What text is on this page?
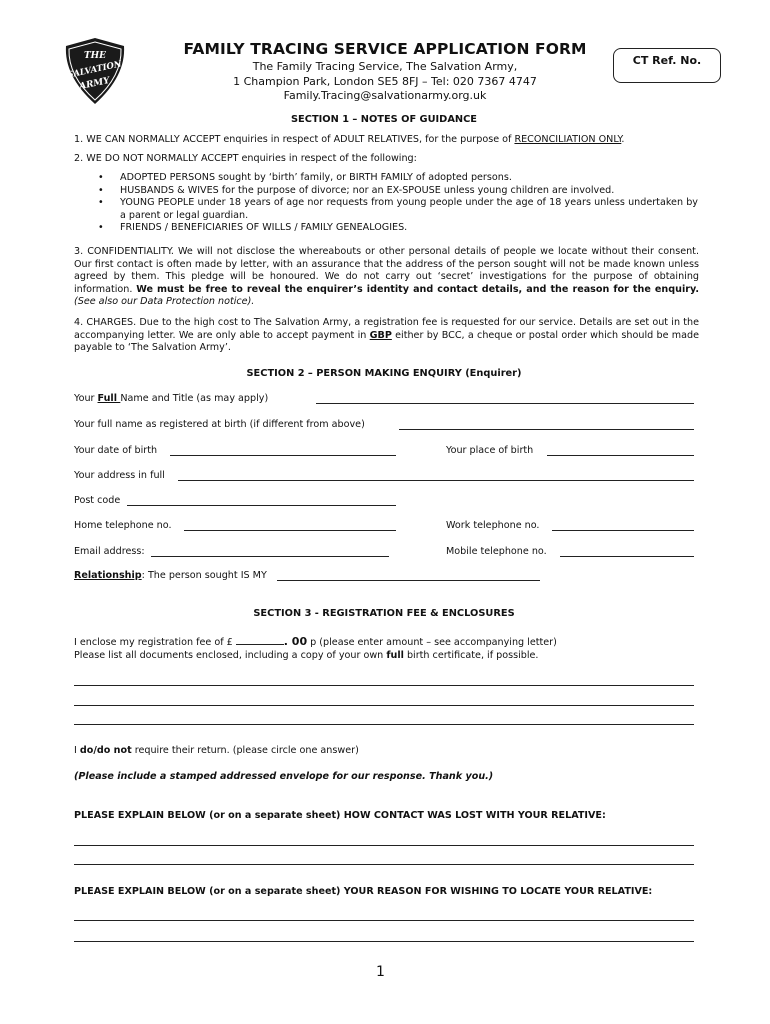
THE
SALVATION
ARMY
FAMILY TRACING SERVICE APPLICATION FORM
The Family Tracing Service, The Salvation Army,
1 Champion Park, London SE5 8FJ – Tel: 020 7367 4747
Family.Tracing@salvationarmy.org.uk
CT Ref. No.
SECTION 1 – NOTES OF GUIDANCE
1. WE CAN NORMALLY ACCEPT enquiries in respect of ADULT RELATIVES, for the purpose of RECONCILIATION ONLY.
2. WE DO NOT NORMALLY ACCEPT enquiries in respect of the following:
• ADOPTED PERSONS sought by ‘birth’ family, or BIRTH FAMILY of adopted persons.
• HUSBANDS & WIVES for the purpose of divorce; nor an EX-SPOUSE unless young children are involved.
• YOUNG PEOPLE under 18 years of age nor requests from young people under the age of 18 years unless undertaken by a parent or legal guardian.
• FRIENDS / BENEFICIARIES OF WILLS / FAMILY GENEALOGIES.
3. CONFIDENTIALITY. We will not disclose the whereabouts or other personal details of people we locate without their consent. Our first contact is often made by letter, with an assurance that the address of the person sought will not be made known unless agreed by them. This pledge will be honoured. We do not carry out ‘secret’ investigations for the purpose of obtaining information. We must be free to reveal the enquirer’s identity and contact details, and the reason for the enquiry. (See also our Data Protection notice).
4. CHARGES. Due to the high cost to The Salvation Army, a registration fee is requested for our service. Details are set out in the accompanying letter. We are only able to accept payment in GBP either by BCC, a cheque or postal order which should be made payable to ‘The Salvation Army’.
SECTION 2 – PERSON MAKING ENQUIRY (Enquirer)
Your Full Name and Title (as may apply)
Your full name as registered at birth (if different from above)
Your date of birth	Your place of birth
Your address in full
Post code
Home telephone no.	Work telephone no.
Email address:	Mobile telephone no.
Relationship: The person sought IS MY
SECTION 3 - REGISTRATION FEE & ENCLOSURES
I enclose my registration fee of £	. 00 p (please enter amount – see accompanying letter)
Please list all documents enclosed, including a copy of your own full birth certificate, if possible.
I do/do not require their return. (please circle one answer)
(Please include a stamped addressed envelope for our response. Thank you.)
PLEASE EXPLAIN BELOW (or on a separate sheet) HOW CONTACT WAS LOST WITH YOUR RELATIVE:
PLEASE EXPLAIN BELOW (or on a separate sheet) YOUR REASON FOR WISHING TO LOCATE YOUR RELATIVE:
1
